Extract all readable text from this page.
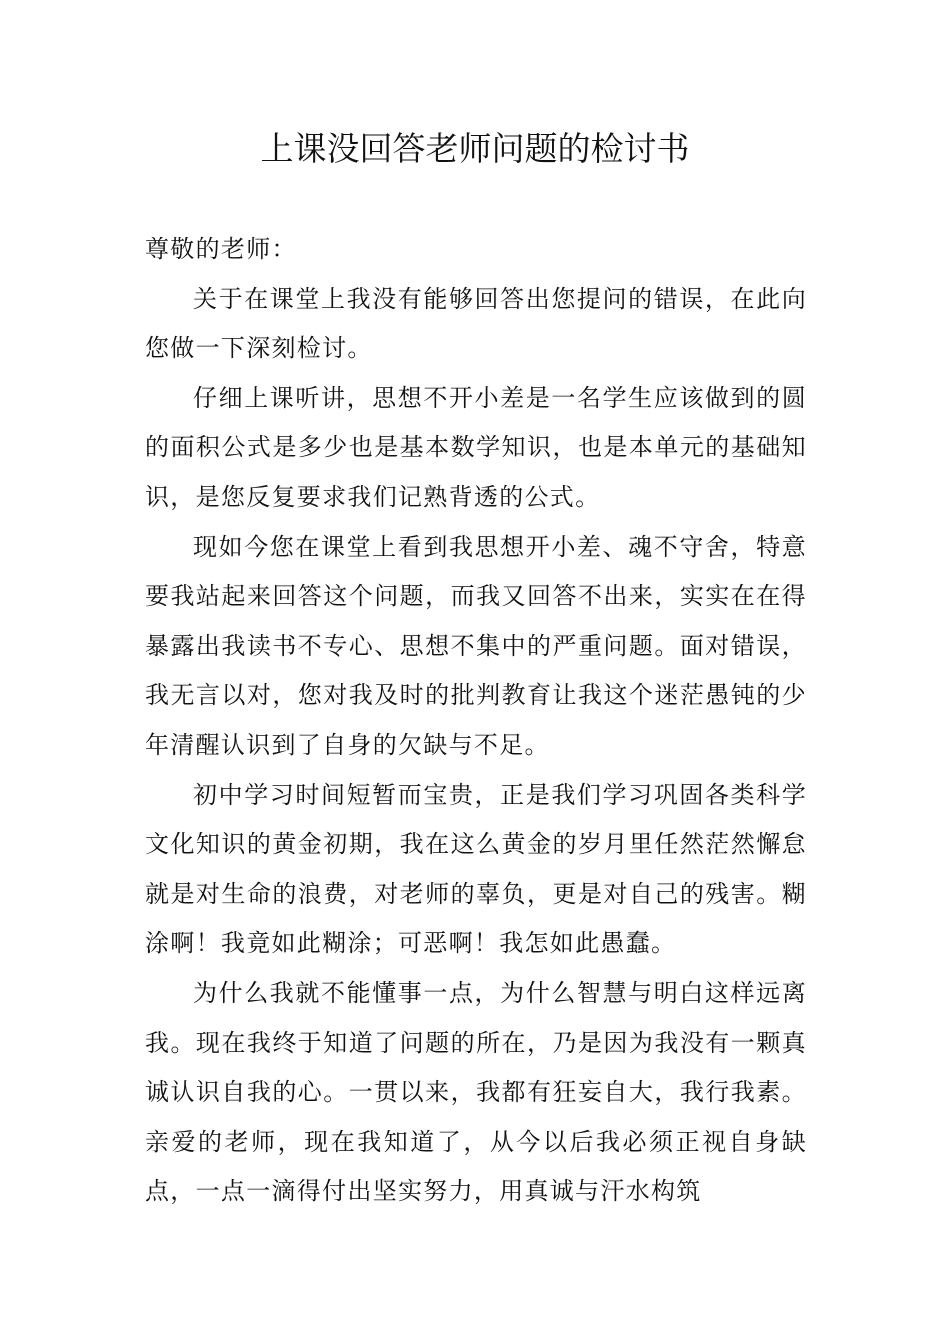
上课没回答老师问题的检讨书

尊敬的老师：

关于在课堂上我没有能够回答出您提问的错误，在此向您做一下深刻检讨。

仔细上课听讲，思想不开小差是一名学生应该做到的圆的面积公式是多少也是基本数学知识，也是本单元的基础知识，是您反复要求我们记熟背透的公式。

现如今您在课堂上看到我思想开小差、魂不守舍，特意要我站起来回答这个问题，而我又回答不出来，实实在在得暴露出我读书不专心、思想不集中的严重问题。面对错误，我无言以对，您对我及时的批判教育让我这个迷茫愚钝的少年清醒认识到了自身的欠缺与不足。

初中学习时间短暂而宝贵，正是我们学习巩固各类科学文化知识的黄金初期，我在这么黄金的岁月里任然茫然懈怠就是对生命的浪费，对老师的辜负，更是对自己的残害。糊涂啊！我竟如此糊涂；可恶啊！我怎如此愚蠢。

为什么我就不能懂事一点，为什么智慧与明白这样远离我。现在我终于知道了问题的所在，乃是因为我没有一颗真诚认识自我的心。一贯以来，我都有狂妄自大，我行我素。亲爱的老师，现在我知道了，从今以后我必须正视自身缺点，一点一滴得付出坚实努力，用真诚与汗水构筑
